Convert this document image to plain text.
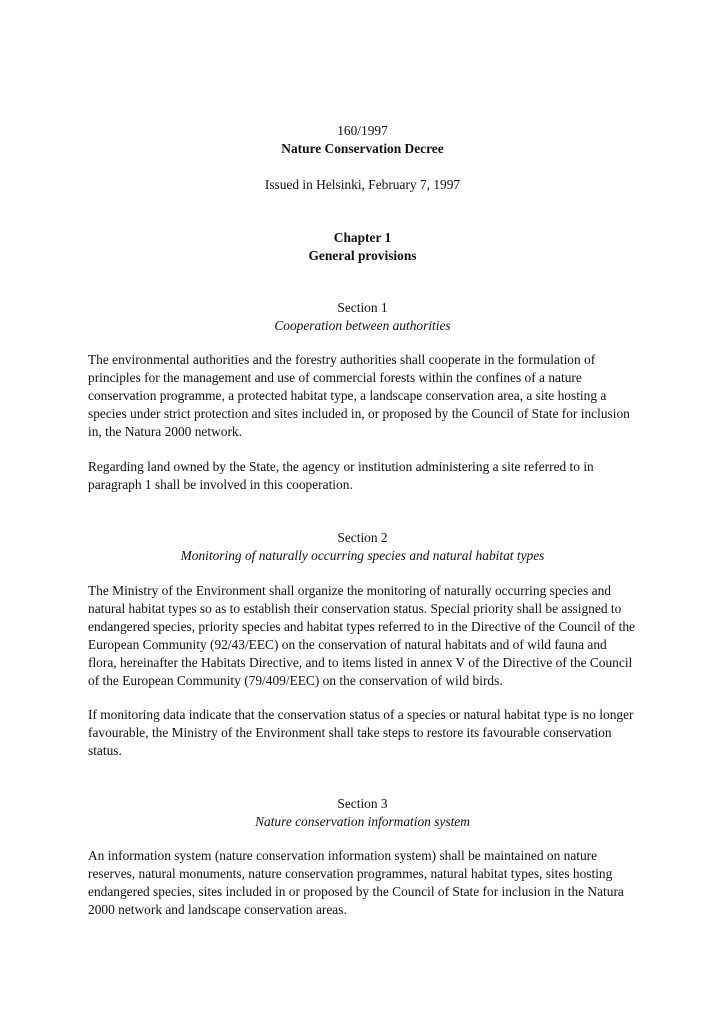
160/1997
Nature Conservation Decree
Issued in Helsinki, February 7, 1997
Chapter 1
General provisions
Section 1
Cooperation between authorities
The environmental authorities and the forestry authorities shall cooperate in the formulation of
principles for the management and use of commercial forests within the confines of a nature
conservation programme, a protected habitat type, a landscape conservation area, a site hosting a
species under strict protection and sites included in, or proposed by the Council of State for inclusion
in, the Natura 2000 network.
Regarding land owned by the State, the agency or institution administering a site referred to in
paragraph 1 shall be involved in this cooperation.
Section 2
Monitoring of naturally occurring species and natural habitat types
The Ministry of the Environment shall organize the monitoring of naturally occurring species and
natural habitat types so as to establish their conservation status. Special priority shall be assigned to
endangered species, priority species and habitat types referred to in the Directive of the Council of the
European Community (92/43/EEC) on the conservation of natural habitats and of wild fauna and
flora, hereinafter the Habitats Directive, and to items listed in annex V of the Directive of the Council
of the European Community (79/409/EEC) on the conservation of wild birds.
If monitoring data indicate that the conservation status of a species or natural habitat type is no longer
favourable, the Ministry of the Environment shall take steps to restore its favourable conservation
status.
Section 3
Nature conservation information system
An information system (nature conservation information system) shall be maintained on nature
reserves, natural monuments, nature conservation programmes, natural habitat types, sites hosting
endangered species, sites included in or proposed by the Council of State for inclusion in the Natura
2000 network and landscape conservation areas.
